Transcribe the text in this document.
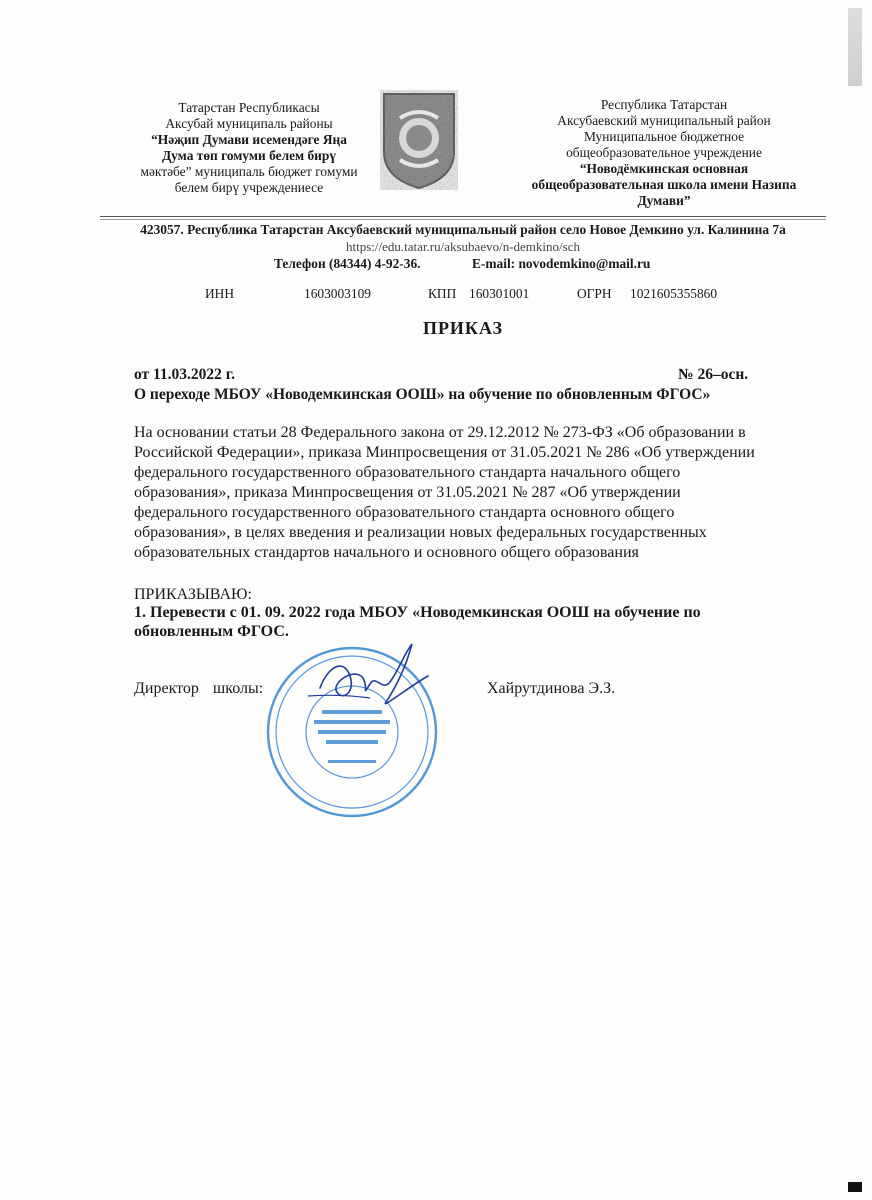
Татарстан Республикасы
Аксубай муниципаль районы
“Нәҗип Думави исемендәге Яңа
Дума төп гомуми белем бирү
мәктәбе” муниципаль бюджет гомуми
белем бирү учреждениесе
Республика Татарстан
Аксубаевский муниципальный район
Муниципальное бюджетное
общеобразовательное учреждение
“Новодёмкинская основная
общеобразовательная школа имени Назипа
Думави”
423057. Республика Татарстан Аксубаевский муниципальный район село Новое Демкино ул. Калинина 7а
https://edu.tatar.ru/aksubaevo/n-demkino/sch
Телефон (84344) 4-92-36.	E-mail: novodemkino@mail.ru
ИНН	1603003109	КПП 160301001	ОГРН 1021605355860
ПРИКАЗ
от 11.03.2022 г.	№ 26–осн.
О переходе МБОУ «Новодемкинская ООШ» на обучение по обновленным ФГОС»
На основании статьи 28 Федерального закона от 29.12.2012 № 273-ФЗ «Об образовании в
Российской Федерации», приказа Минпросвещения от 31.05.2021 № 286 «Об утверждении
федерального государственного образовательного стандарта начального общего
образования», приказа Минпросвещения от 31.05.2021 № 287 «Об утверждении
федерального государственного образовательного стандарта основного общего
образования», в целях введения и реализации новых федеральных государственных
образовательных стандартов начального и основного общего образования
ПРИКАЗЫВАЮ:
1. Перевести с 01. 09. 2022 года МБОУ «Новодемкинская ООШ на обучение по
обновленным ФГОС.
Директор школы:	Хайрутдинова Э.З.
